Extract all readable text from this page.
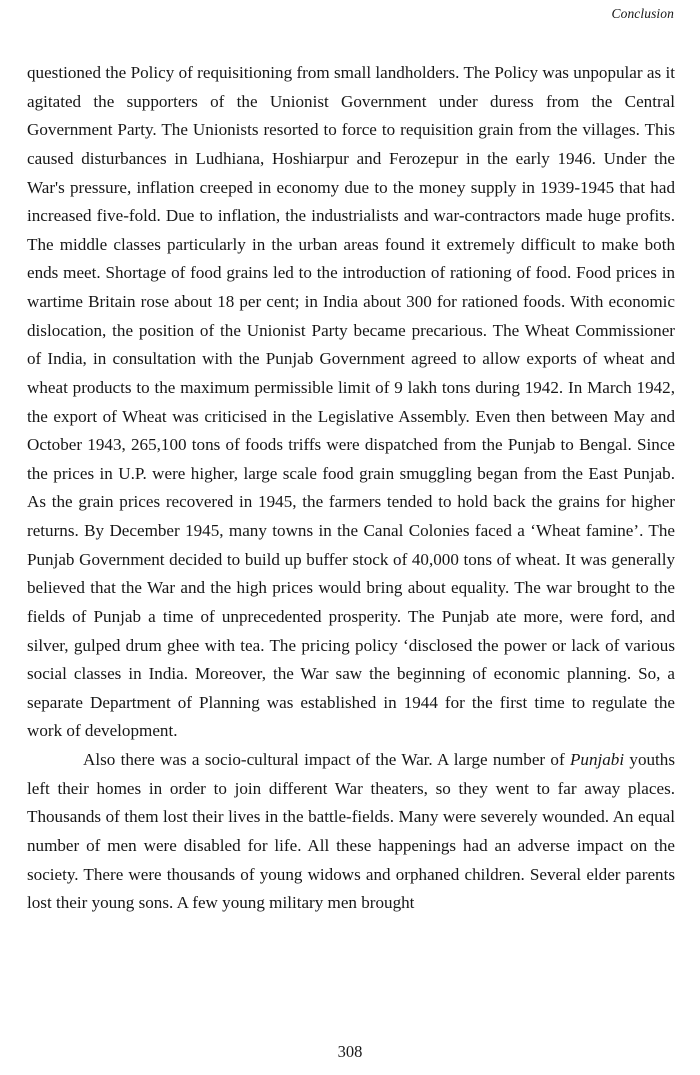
Conclusion

questioned the Policy of requisitioning from small landholders. The Policy was unpopular as it agitated the supporters of the Unionist Government under duress from the Central Government Party. The Unionists resorted to force to requisition grain from the villages. This caused disturbances in Ludhiana, Hoshiarpur and Ferozepur in the early 1946. Under the War's pressure, inflation creeped in economy due to the money supply in 1939-1945 that had increased five-fold. Due to inflation, the industrialists and war-contractors made huge profits. The middle classes particularly in the urban areas found it extremely difficult to make both ends meet. Shortage of food grains led to the introduction of rationing of food. Food prices in wartime Britain rose about 18 per cent; in India about 300 for rationed foods. With economic dislocation, the position of the Unionist Party became precarious. The Wheat Commissioner of India, in consultation with the Punjab Government agreed to allow exports of wheat and wheat products to the maximum permissible limit of 9 lakh tons during 1942. In March 1942, the export of Wheat was criticised in the Legislative Assembly. Even then between May and October 1943, 265,100 tons of foods triffs were dispatched from the Punjab to Bengal. Since the prices in U.P. were higher, large scale food grain smuggling began from the East Punjab. As the grain prices recovered in 1945, the farmers tended to hold back the grains for higher returns. By December 1945, many towns in the Canal Colonies faced a ‘Wheat famine’. The Punjab Government decided to build up buffer stock of 40,000 tons of wheat. It was generally believed that the War and the high prices would bring about equality. The war brought to the fields of Punjab a time of unprecedented prosperity. The Punjab ate more, were ford, and silver, gulped drum ghee with tea. The pricing policy ‘disclosed the power or lack of various social classes in India. Moreover, the War saw the beginning of economic planning. So, a separate Department of Planning was established in 1944 for the first time to regulate the work of development.

Also there was a socio-cultural impact of the War. A large number of Punjabi youths left their homes in order to join different War theaters, so they went to far away places. Thousands of them lost their lives in the battle-fields. Many were severely wounded. An equal number of men were disabled for life. All these happenings had an adverse impact on the society. There were thousands of young widows and orphaned children. Several elder parents lost their young sons. A few young military men brought

308
